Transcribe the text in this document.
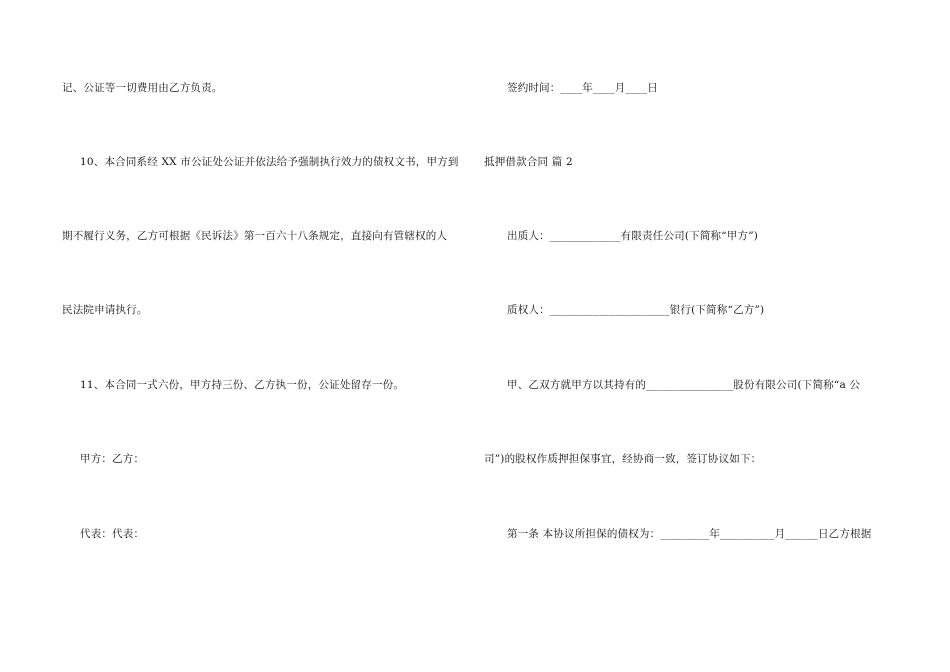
记、公证等一切费用由乙方负责。
10、本合同系经 XX 市公证处公证并依法给予强制执行效力的债权文书，甲方到
期不履行义务，乙方可根据《民诉法》第一百六十八条规定，直接向有管辖权的人
民法院申请执行。
11、本合同一式六份，甲方持三份、乙方执一份，公证处留存一份。
甲方：乙方：
代表：代表：
签约时间：____年____月____日
抵押借款合同 篇 2
出质人：_____________有限责任公司(下简称“甲方”)
质权人：______________________银行(下简称“乙方”)
甲、乙双方就甲方以其持有的________________股份有限公司(下简称“a 公
司”)的股权作质押担保事宜，经协商一致，签订协议如下：
第一条 本协议所担保的债权为：_________年__________月______日乙方根据
